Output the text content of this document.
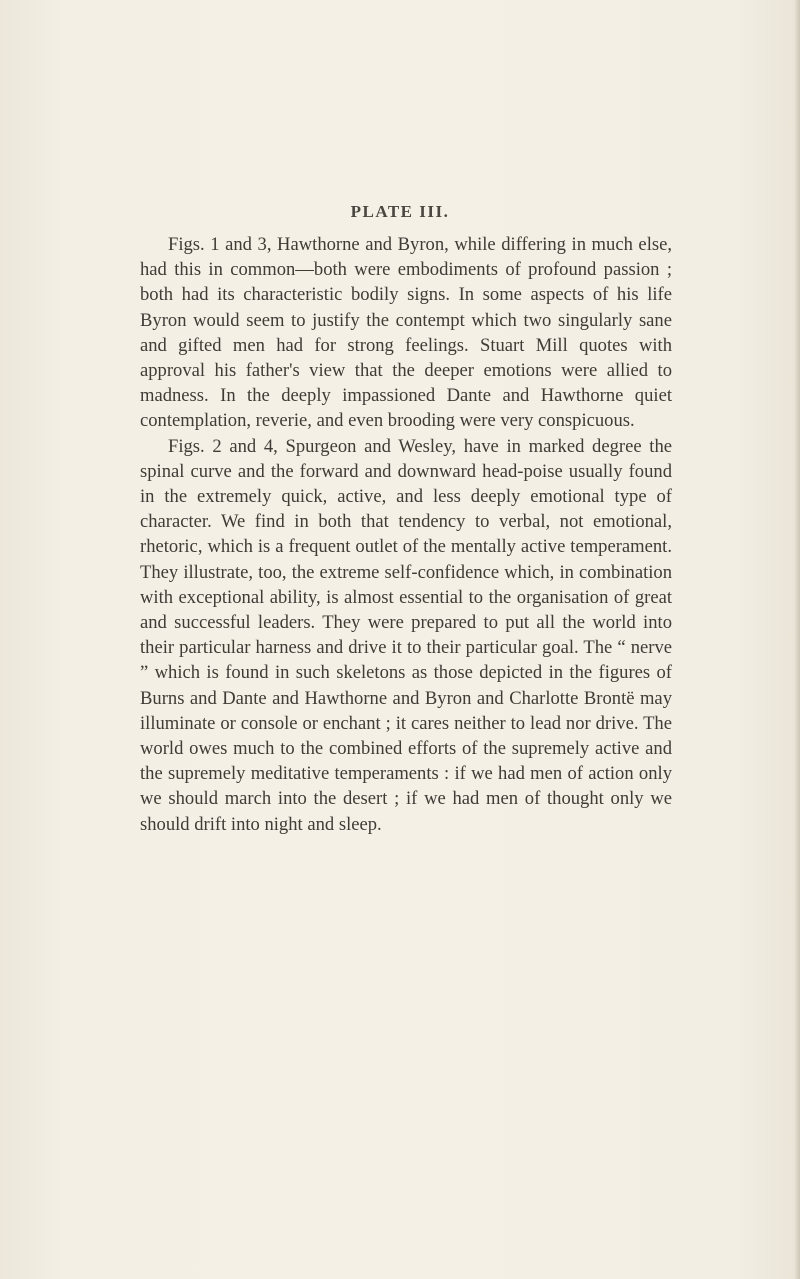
PLATE III.

Figs. 1 and 3, Hawthorne and Byron, while differing in much else, had this in common—both were embodiments of profound passion ; both had its characteristic bodily signs. In some aspects of his life Byron would seem to justify the contempt which two singularly sane and gifted men had for strong feelings. Stuart Mill quotes with approval his father's view that the deeper emotions were allied to madness. In the deeply impassioned Dante and Hawthorne quiet contemplation, reverie, and even brooding were very conspicuous.

Figs. 2 and 4, Spurgeon and Wesley, have in marked degree the spinal curve and the forward and downward head-poise usually found in the extremely quick, active, and less deeply emotional type of character. We find in both that tendency to verbal, not emotional, rhetoric, which is a frequent outlet of the mentally active temperament. They illustrate, too, the extreme self-confidence which, in combination with exceptional ability, is almost essential to the organisation of great and successful leaders. They were prepared to put all the world into their particular harness and drive it to their particular goal. The “ nerve ” which is found in such skeletons as those depicted in the figures of Burns and Dante and Hawthorne and Byron and Charlotte Brontë may illuminate or console or enchant ; it cares neither to lead nor drive. The world owes much to the combined efforts of the supremely active and the supremely meditative temperaments : if we had men of action only we should march into the desert ; if we had men of thought only we should drift into night and sleep.
